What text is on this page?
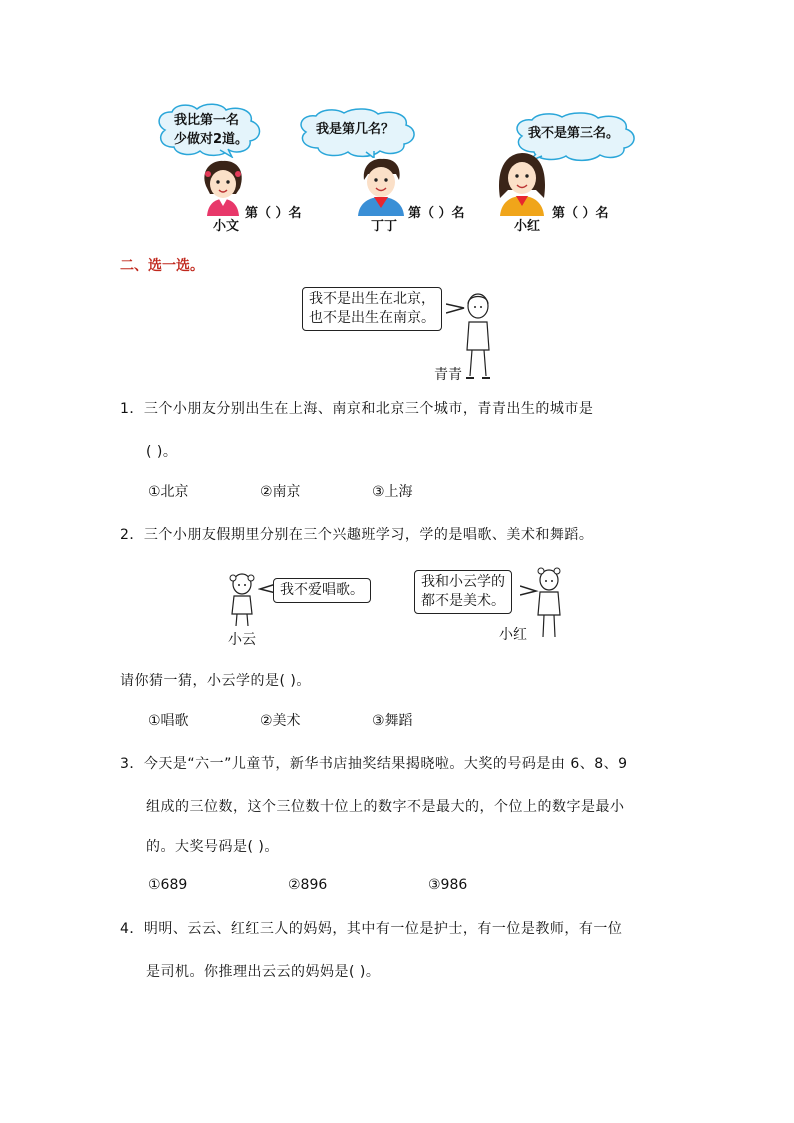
我比第一名
少做对2道。
第（ ）名
小文
我是第几名？
第（ ）名
丁丁
我不是第三名。
第（ ）名
小红
二、选一选。
我不是出生在北京，
也不是出生在南京。
青青
1．三个小朋友分别出生在上海、南京和北京三个城市，青青出生的城市是
( )。
①北京	②南京	③上海
2．三个小朋友假期里分别在三个兴趣班学习，学的是唱歌、美术和舞蹈。
我不爱唱歌。
小云
我和小云学的
都不是美术。
小红
请你猜一猜，小云学的是( )。
①唱歌	②美术	③舞蹈
3．今天是“六一”儿童节，新华书店抽奖结果揭晓啦。大奖的号码是由 6、8、9
组成的三位数，这个三位数十位上的数字不是最大的，个位上的数字是最小
的。大奖号码是( )。
①689	②896	③986
4．明明、云云、红红三人的妈妈，其中有一位是护士，有一位是教师，有一位
是司机。你推理出云云的妈妈是( )。
